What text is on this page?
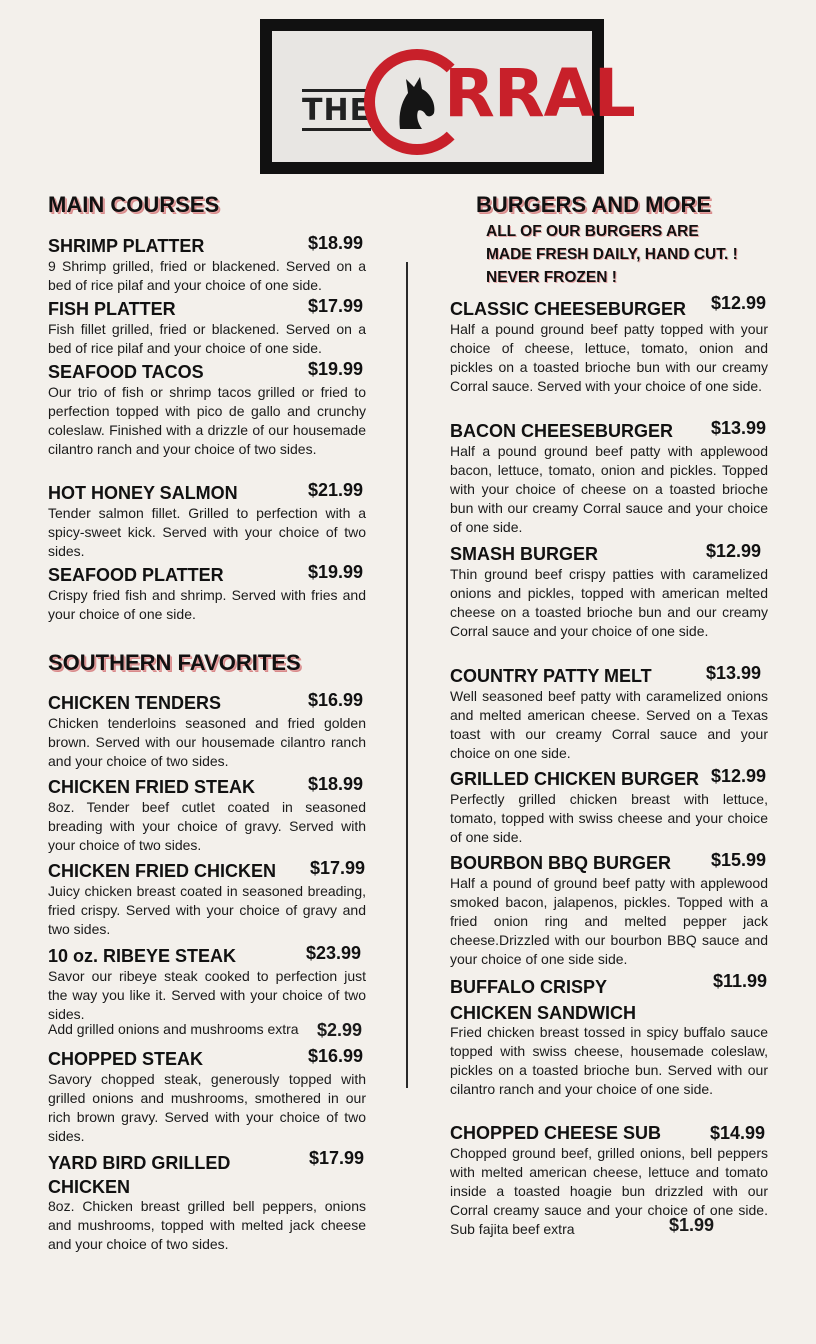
THE RRAL
MAIN COURSES
SOUTHERN FAVORITES
BURGERS AND MORE
ALL OF OUR BURGERS ARE MADE FRESH DAILY, HAND CUT. ! NEVER FROZEN !
SHRIMP PLATTER	$18.99
9 Shrimp grilled, fried or blackened. Served on a bed of rice pilaf and your choice of one side.
FISH PLATTER	$17.99
Fish fillet grilled, fried or blackened. Served on a bed of rice pilaf and your choice of one side.
SEAFOOD TACOS	$19.99
Our trio of fish or shrimp tacos grilled or fried to perfection topped with pico de gallo and crunchy coleslaw. Finished with a drizzle of our housemade cilantro ranch and your choice of two sides.
HOT HONEY SALMON	$21.99
Tender salmon fillet. Grilled to perfection with a spicy-sweet kick. Served with your choice of two sides.
SEAFOOD PLATTER	$19.99
Crispy fried fish and shrimp. Served with fries and your choice of one side.
CHICKEN TENDERS	$16.99
Chicken tenderloins seasoned and fried golden brown. Served with our housemade cilantro ranch and your choice of two sides.
CHICKEN FRIED STEAK	$18.99
8oz. Tender beef cutlet coated in seasoned breading with your choice of gravy. Served with your choice of two sides.
CHICKEN FRIED CHICKEN $17.99
Juicy chicken breast coated in seasoned breading, fried crispy. Served with your choice of gravy and two sides.
10 oz. RIBEYE STEAK	$23.99
Savor our ribeye steak cooked to perfection just the way you like it. Served with your choice of two sides.
Add grilled onions and mushrooms extra $2.99
CHOPPED STEAK	$16.99
Savory chopped steak, generously topped with grilled onions and mushrooms, smothered in our rich brown gravy. Served with your choice of two sides.
YARD BIRD GRILLED CHICKEN
$17.99
8oz. Chicken breast grilled bell peppers, onions and mushrooms, topped with melted jack cheese and your choice of two sides.
CLASSIC CHEESEBURGER $12.99
Half a pound ground beef patty topped with your choice of cheese, lettuce, tomato, onion and pickles on a toasted brioche bun with our creamy Corral sauce. Served with your choice of one side.
BACON CHEESEBURGER $13.99
Half a pound ground beef patty with applewood bacon, lettuce, tomato, onion and pickles. Topped with your choice of cheese on a toasted brioche bun with our creamy Corral sauce and your choice of one side.
SMASH BURGER	$12.99
Thin ground beef crispy patties with caramelized onions and pickles, topped with american melted cheese on a toasted brioche bun and our creamy Corral sauce and your choice of one side.
COUNTRY PATTY MELT	$13.99
Well seasoned beef patty with caramelized onions and melted american cheese. Served on a Texas toast with our creamy Corral sauce and your choice on one side.
GRILLED CHICKEN BURGER $12.99
Perfectly grilled chicken breast with lettuce, tomato, topped with swiss cheese and your choice of one side.
BOURBON BBQ BURGER $15.99
Half a pound of ground beef patty with applewood smoked bacon, jalapenos, pickles. Topped with a fried onion ring and melted pepper jack cheese.Drizzled with our bourbon BBQ sauce and your choice of one side side.
BUFFALO CRISPY CHICKEN SANDWICH
$11.99
Fried chicken breast tossed in spicy buffalo sauce topped with swiss cheese, housemade coleslaw, pickles on a toasted brioche bun. Served with our cilantro ranch and your choice of one side.
CHOPPED CHEESE SUB	$14.99
Chopped ground beef, grilled onions, bell peppers with melted american cheese, lettuce and tomato inside a toasted hoagie bun drizzled with our Corral creamy sauce and your choice of one side. Sub fajita beef extra	$1.99
